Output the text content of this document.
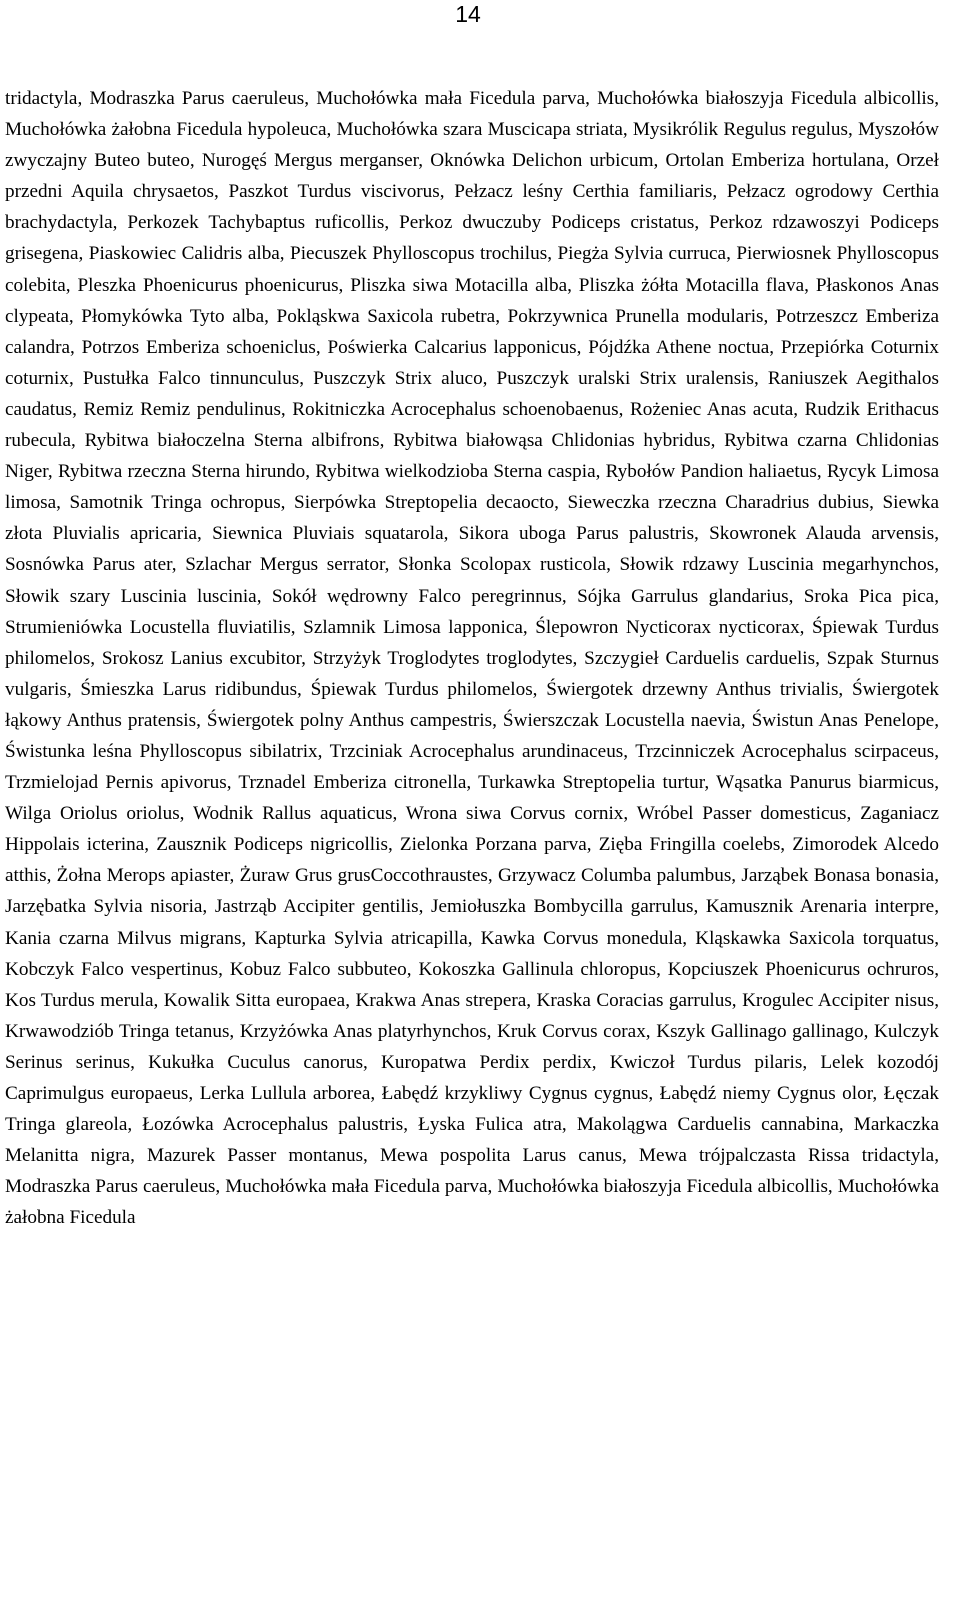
14

tridactyla, Modraszka Parus caeruleus, Muchołówka mała Ficedula parva, Muchołówka białoszyja Ficedula albicollis, Muchołówka żałobna Ficedula hypoleuca, Muchołówka szara Muscicapa striata, Mysikrólik Regulus regulus, Myszołów zwyczajny Buteo buteo, Nurogęś Mergus merganser, Oknówka Delichon urbicum, Ortolan Emberiza hortulana, Orzeł przedni Aquila chrysaetos, Paszkot Turdus viscivorus, Pełzacz leśny Certhia familiaris, Pełzacz ogrodowy Certhia brachydactyla, Perkozek Tachybaptus ruficollis, Perkoz dwuczuby Podiceps cristatus, Perkoz rdzawoszyi Podiceps grisegena, Piaskowiec Calidris alba, Piecuszek Phylloscopus trochilus, Piegża Sylvia curruca, Pierwiosnek Phylloscopus colebita, Pleszka Phoenicurus phoenicurus, Pliszka siwa Motacilla alba, Pliszka żółta Motacilla flava, Płaskonos Anas clypeata, Płomykówka Tyto alba, Pokląskwa Saxicola rubetra, Pokrzywnica Prunella modularis, Potrzeszcz Emberiza calandra, Potrzos Emberiza schoeniclus, Poświerka Calcarius lapponicus, Pójdźka Athene noctua, Przepiórka Coturnix coturnix, Pustułka Falco tinnunculus, Puszczyk Strix aluco, Puszczyk uralski Strix uralensis, Raniuszek Aegithalos caudatus, Remiz Remiz pendulinus, Rokitniczka Acrocephalus schoenobaenus, Rożeniec Anas acuta, Rudzik Erithacus rubecula, Rybitwa białoczelna Sterna albifrons, Rybitwa białowąsa Chlidonias hybridus, Rybitwa czarna Chlidonias Niger, Rybitwa rzeczna Sterna hirundo, Rybitwa wielkodzioba Sterna caspia, Rybołów Pandion haliaetus, Rycyk Limosa limosa, Samotnik Tringa ochropus, Sierpówka Streptopelia decaocto, Sieweczka rzeczna Charadrius dubius, Siewka złota Pluvialis apricaria, Siewnica Pluviais squatarola, Sikora uboga Parus palustris, Skowronek Alauda arvensis, Sosnówka Parus ater, Szlachar Mergus serrator, Słonka Scolopax rusticola, Słowik rdzawy Luscinia megarhynchos, Słowik szary Luscinia luscinia, Sokół wędrowny Falco peregrinnus, Sójka Garrulus glandarius, Sroka Pica pica, Strumieniówka Locustella fluviatilis, Szlamnik Limosa lapponica, Ślepowron Nycticorax nycticorax, Śpiewak Turdus philomelos, Srokosz Lanius excubitor, Strzyżyk Troglodytes troglodytes, Szczygieł Carduelis carduelis, Szpak Sturnus vulgaris, Śmieszka Larus ridibundus, Śpiewak Turdus philomelos, Świergotek drzewny Anthus trivialis, Świergotek łąkowy Anthus pratensis, Świergotek polny Anthus campestris, Świerszczak Locustella naevia, Świstun Anas Penelope, Świstunka leśna Phylloscopus sibilatrix, Trzciniak Acrocephalus arundinaceus, Trzcinniczek Acrocephalus scirpaceus, Trzmielojad Pernis apivorus, Trznadel Emberiza citronella, Turkawka Streptopelia turtur, Wąsatka Panurus biarmicus, Wilga Oriolus oriolus, Wodnik Rallus aquaticus, Wrona siwa Corvus cornix, Wróbel Passer domesticus, Zaganiacz Hippolais icterina, Zausznik Podiceps nigricollis, Zielonka Porzana parva, Zięba Fringilla coelebs, Zimorodek Alcedo atthis, Żołna Merops apiaster, Żuraw Grus grusCoccothraustes, Grzywacz Columba palumbus, Jarząbek Bonasa bonasia, Jarzębatka Sylvia nisoria, Jastrząb Accipiter gentilis, Jemiołuszka Bombycilla garrulus, Kamusznik Arenaria interpre, Kania czarna Milvus migrans, Kapturka Sylvia atricapilla, Kawka Corvus monedula, Kląskawka Saxicola torquatus, Kobczyk Falco vespertinus, Kobuz Falco subbuteo, Kokoszka Gallinula chloropus, Kopciuszek Phoenicurus ochruros, Kos Turdus merula, Kowalik Sitta europaea, Krakwa Anas strepera, Kraska Coracias garrulus, Krogulec Accipiter nisus, Krwawodziób Tringa tetanus, Krzyżówka Anas platyrhynchos, Kruk Corvus corax, Kszyk Gallinago gallinago, Kulczyk Serinus serinus, Kukułka Cuculus canorus, Kuropatwa Perdix perdix, Kwiczoł Turdus pilaris, Lelek kozodój Caprimulgus europaeus, Lerka Lullula arborea, Łabędź krzykliwy Cygnus cygnus, Łabędź niemy Cygnus olor, Łęczak Tringa glareola, Łozówka Acrocephalus palustris, Łyska Fulica atra, Makolągwa Carduelis cannabina, Markaczka Melanitta nigra, Mazurek Passer montanus, Mewa pospolita Larus canus, Mewa trójpalczasta Rissa tridactyla, Modraszka Parus caeruleus, Muchołówka mała Ficedula parva, Muchołówka białoszyja Ficedula albicollis, Muchołówka żałobna Ficedula
